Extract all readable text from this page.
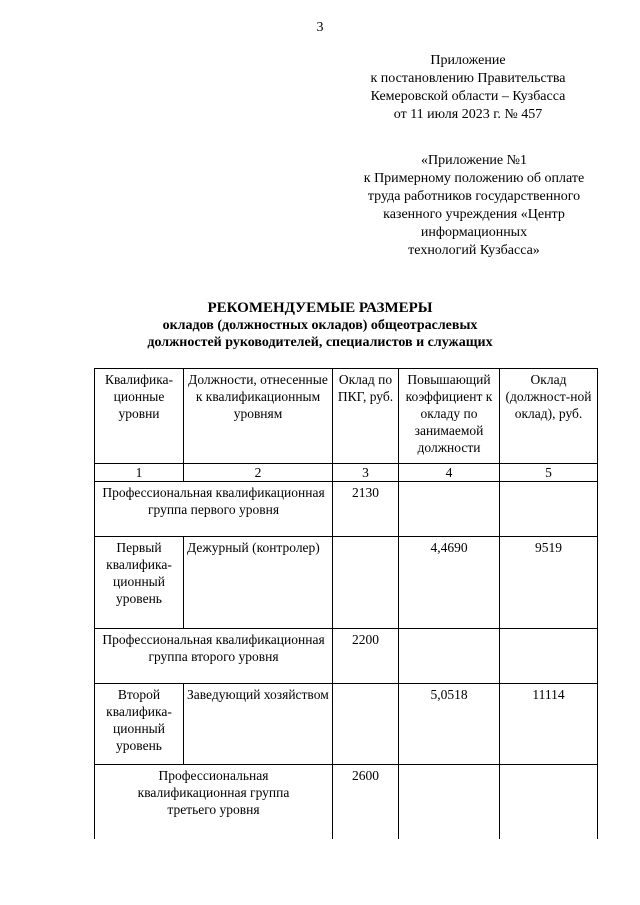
3
Приложение
к постановлению Правительства
Кемеровской области – Кузбасса
от 11 июля 2023 г. № 457
«Приложение №1
к Примерному положению об оплате
труда работников государственного
казенного учреждения «Центр
информационных
технологий Кузбасса»
РЕКОМЕНДУЕМЫЕ РАЗМЕРЫ
окладов (должностных окладов) общеотраслевых
должностей руководителей, специалистов и служащих
Квалифика-ционные уровни	Должности, отнесенные к квалификационным уровням	Оклад по ПКГ, руб.	Повышающий коэффициент к окладу по занимаемой должности	Оклад (должност-ной оклад), руб.
1	2	3	4	5
Профессиональная квалификационная группа первого уровня		2130		
Первый квалифика-ционный уровень	Дежурный (контролер)		4,4690	9519
Профессиональная квалификационная группа второго уровня		2200		
Второй квалифика-ционный уровень	Заведующий хозяйством		5,0518	11114
Профессиональная квалификационная группа третьего уровня		2600		
